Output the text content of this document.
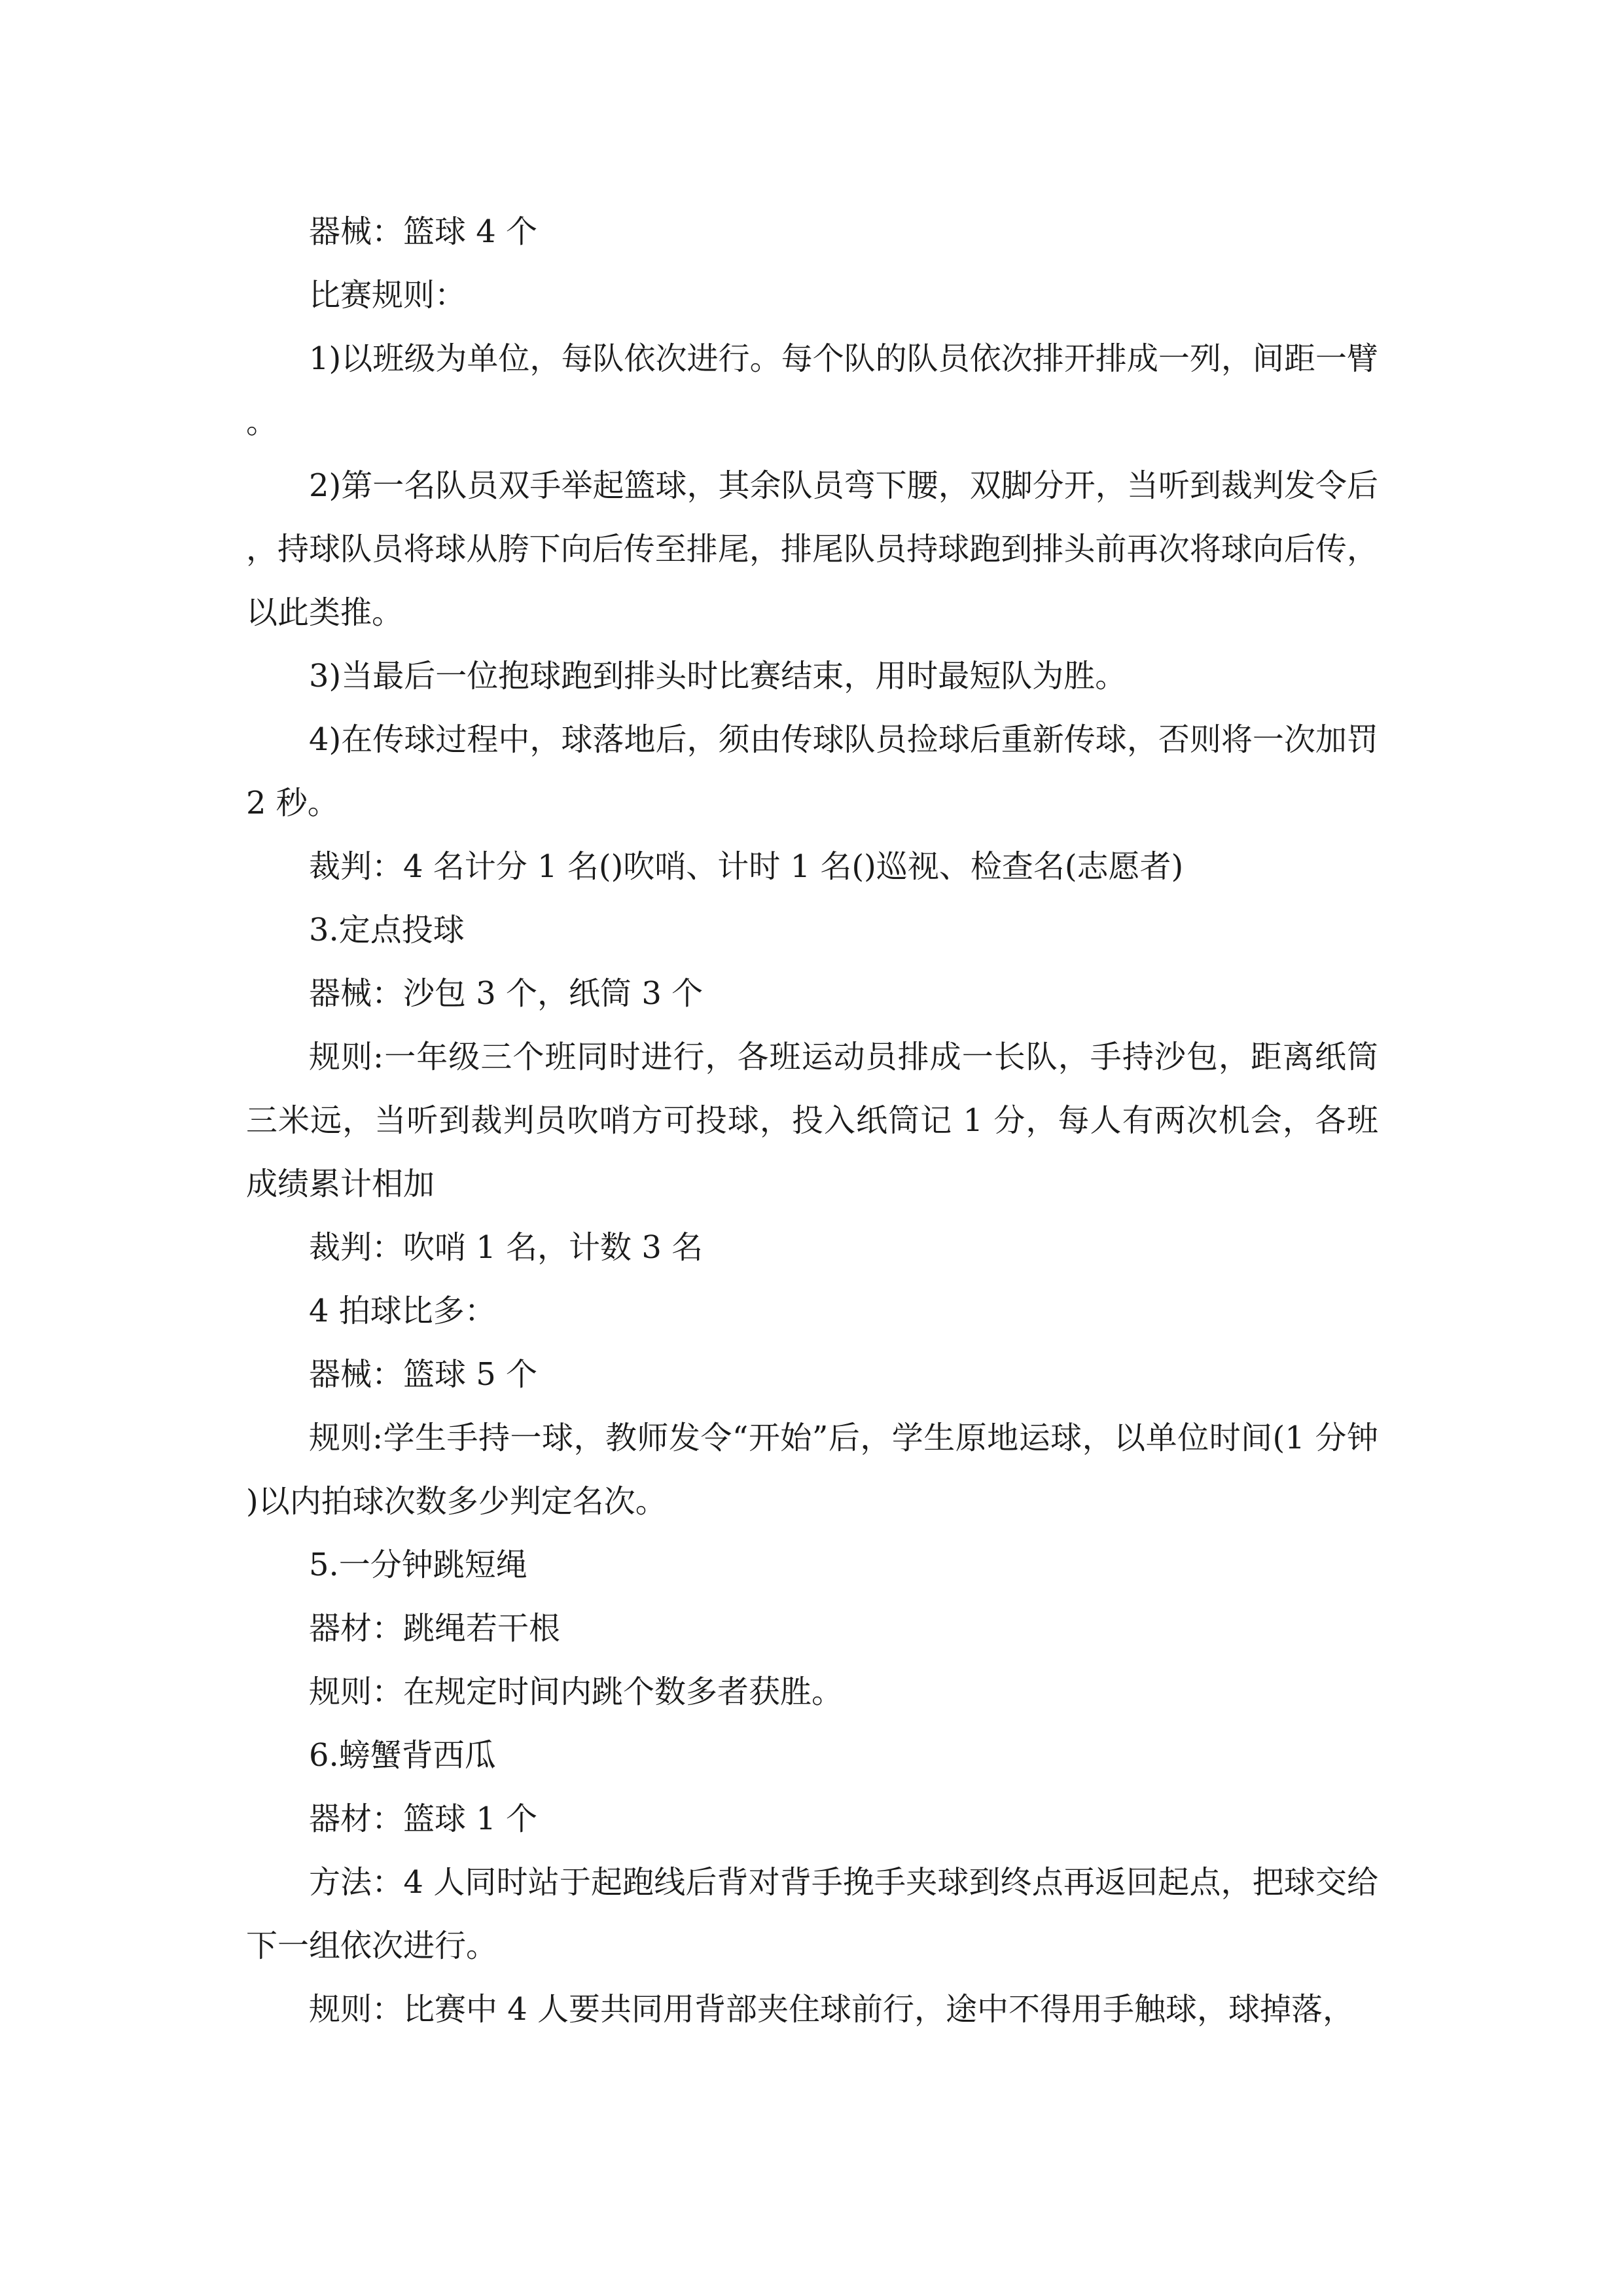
器械：篮球 4 个

比赛规则：

1)以班级为单位，每队依次进行。每个队的队员依次排开排成一列，间距一臂。

2)第一名队员双手举起篮球，其余队员弯下腰，双脚分开，当听到裁判发令后，持球队员将球从胯下向后传至排尾，排尾队员持球跑到排头前再次将球向后传，以此类推。

3)当最后一位抱球跑到排头时比赛结束，用时最短队为胜。

4)在传球过程中，球落地后，须由传球队员捡球后重新传球，否则将一次加罚 2 秒。

裁判：4 名计分 1 名()吹哨、计时 1 名()巡视、检查名(志愿者)

3.定点投球

器械：沙包 3 个，纸筒 3 个

规则:一年级三个班同时进行，各班运动员排成一长队，手持沙包，距离纸筒三米远，当听到裁判员吹哨方可投球，投入纸筒记 1 分，每人有两次机会，各班成绩累计相加

裁判：吹哨 1 名，计数 3 名

4 拍球比多：

器械：篮球 5 个

规则:学生手持一球，教师发令“开始”后，学生原地运球，以单位时间(1 分钟)以内拍球次数多少判定名次。

5.一分钟跳短绳

器材：跳绳若干根

规则：在规定时间内跳个数多者获胜。

6.螃蟹背西瓜

器材：篮球 1 个

方法：4 人同时站于起跑线后背对背手挽手夹球到终点再返回起点，把球交给下一组依次进行。

规则：比赛中 4 人要共同用背部夹住球前行，途中不得用手触球，球掉落，
